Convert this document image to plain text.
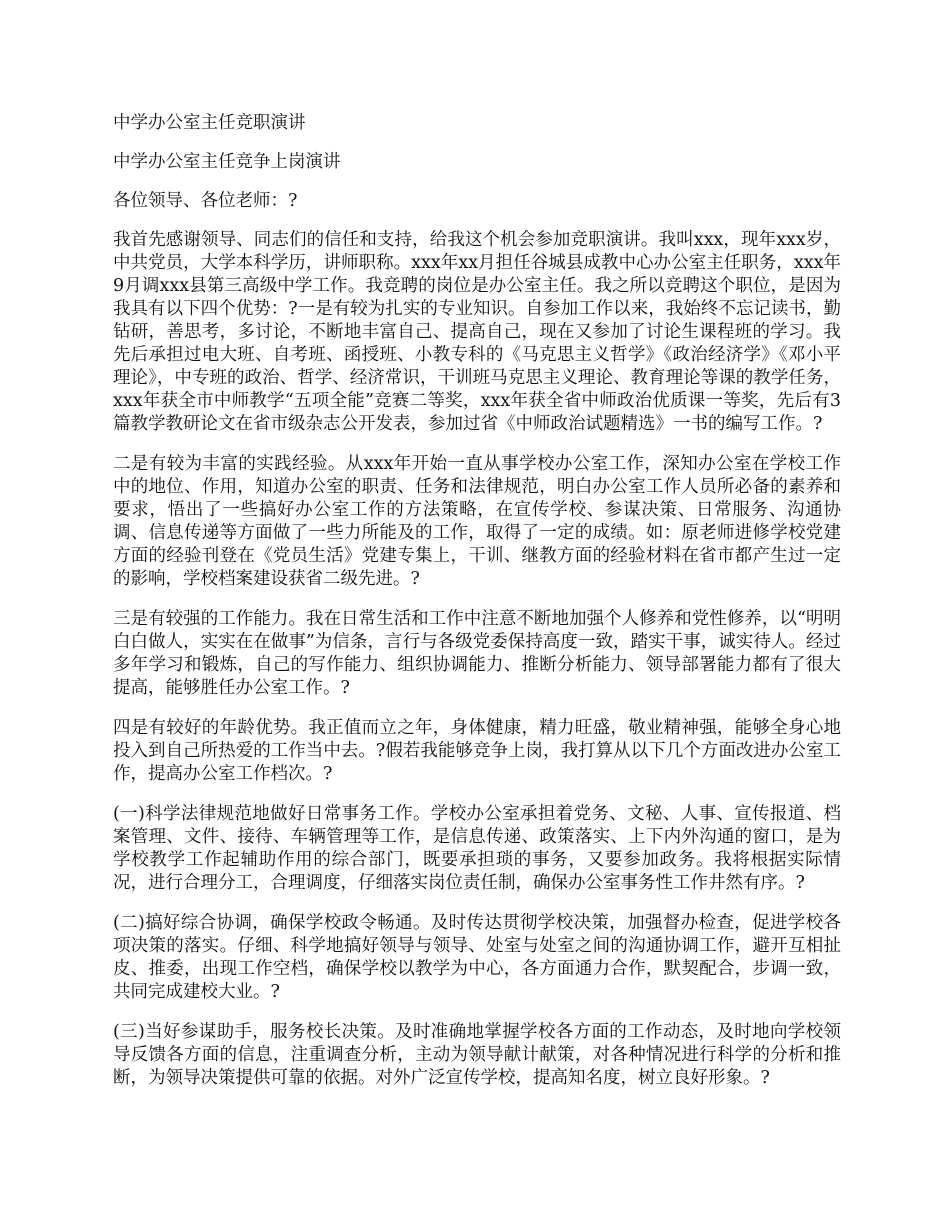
中学办公室主任竞职演讲

中学办公室主任竞争上岗演讲

各位领导、各位老师：?

我首先感谢领导、同志们的信任和支持，给我这个机会参加竞职演讲。我叫xxx，现年xxx岁，中共党员，大学本科学历，讲师职称。xxx年xx月担任谷城县成教中心办公室主任职务，xxx年9月调xxx县第三高级中学工作。我竞聘的岗位是办公室主任。我之所以竞聘这个职位，是因为我具有以下四个优势：?一是有较为扎实的专业知识。自参加工作以来，我始终不忘记读书，勤钻研，善思考，多讨论，不断地丰富自己、提高自己，现在又参加了讨论生课程班的学习。我先后承担过电大班、自考班、函授班、小教专科的《马克思主义哲学》《政治经济学》《邓小平理论》，中专班的政治、哲学、经济常识，干训班马克思主义理论、教育理论等课的教学任务，xxx年获全市中师教学“五项全能”竞赛二等奖，xxx年获全省中师政治优质课一等奖，先后有3篇教学教研论文在省市级杂志公开发表，参加过省《中师政治试题精选》一书的编写工作。?

二是有较为丰富的实践经验。从xxx年开始一直从事学校办公室工作，深知办公室在学校工作中的地位、作用，知道办公室的职责、任务和法律规范，明白办公室工作人员所必备的素养和要求，悟出了一些搞好办公室工作的方法策略，在宣传学校、参谋决策、日常服务、沟通协调、信息传递等方面做了一些力所能及的工作，取得了一定的成绩。如：原老师进修学校党建方面的经验刊登在《党员生活》党建专集上，干训、继教方面的经验材料在省市都产生过一定的影响，学校档案建设获省二级先进。?

三是有较强的工作能力。我在日常生活和工作中注意不断地加强个人修养和党性修养，以“明明白白做人，实实在在做事”为信条，言行与各级党委保持高度一致，踏实干事，诚实待人。经过多年学习和锻炼，自己的写作能力、组织协调能力、推断分析能力、领导部署能力都有了很大提高，能够胜任办公室工作。?

四是有较好的年龄优势。我正值而立之年，身体健康，精力旺盛，敬业精神强，能够全身心地投入到自己所热爱的工作当中去。?假若我能够竞争上岗，我打算从以下几个方面改进办公室工作，提高办公室工作档次。?

(一)科学法律规范地做好日常事务工作。学校办公室承担着党务、文秘、人事、宣传报道、档案管理、文件、接待、车辆管理等工作，是信息传递、政策落实、上下内外沟通的窗口，是为学校教学工作起辅助作用的综合部门，既要承担琐的事务，又要参加政务。我将根据实际情况，进行合理分工，合理调度，仔细落实岗位责任制，确保办公室事务性工作井然有序。?

(二)搞好综合协调，确保学校政令畅通。及时传达贯彻学校决策，加强督办检查，促进学校各项决策的落实。仔细、科学地搞好领导与领导、处室与处室之间的沟通协调工作，避开互相扯皮、推委，出现工作空档，确保学校以教学为中心，各方面通力合作，默契配合，步调一致，共同完成建校大业。?

(三)当好参谋助手，服务校长决策。及时准确地掌握学校各方面的工作动态，及时地向学校领导反馈各方面的信息，注重调查分析，主动为领导献计献策，对各种情况进行科学的分析和推断，为领导决策提供可靠的依据。对外广泛宣传学校，提高知名度，树立良好形象。?
